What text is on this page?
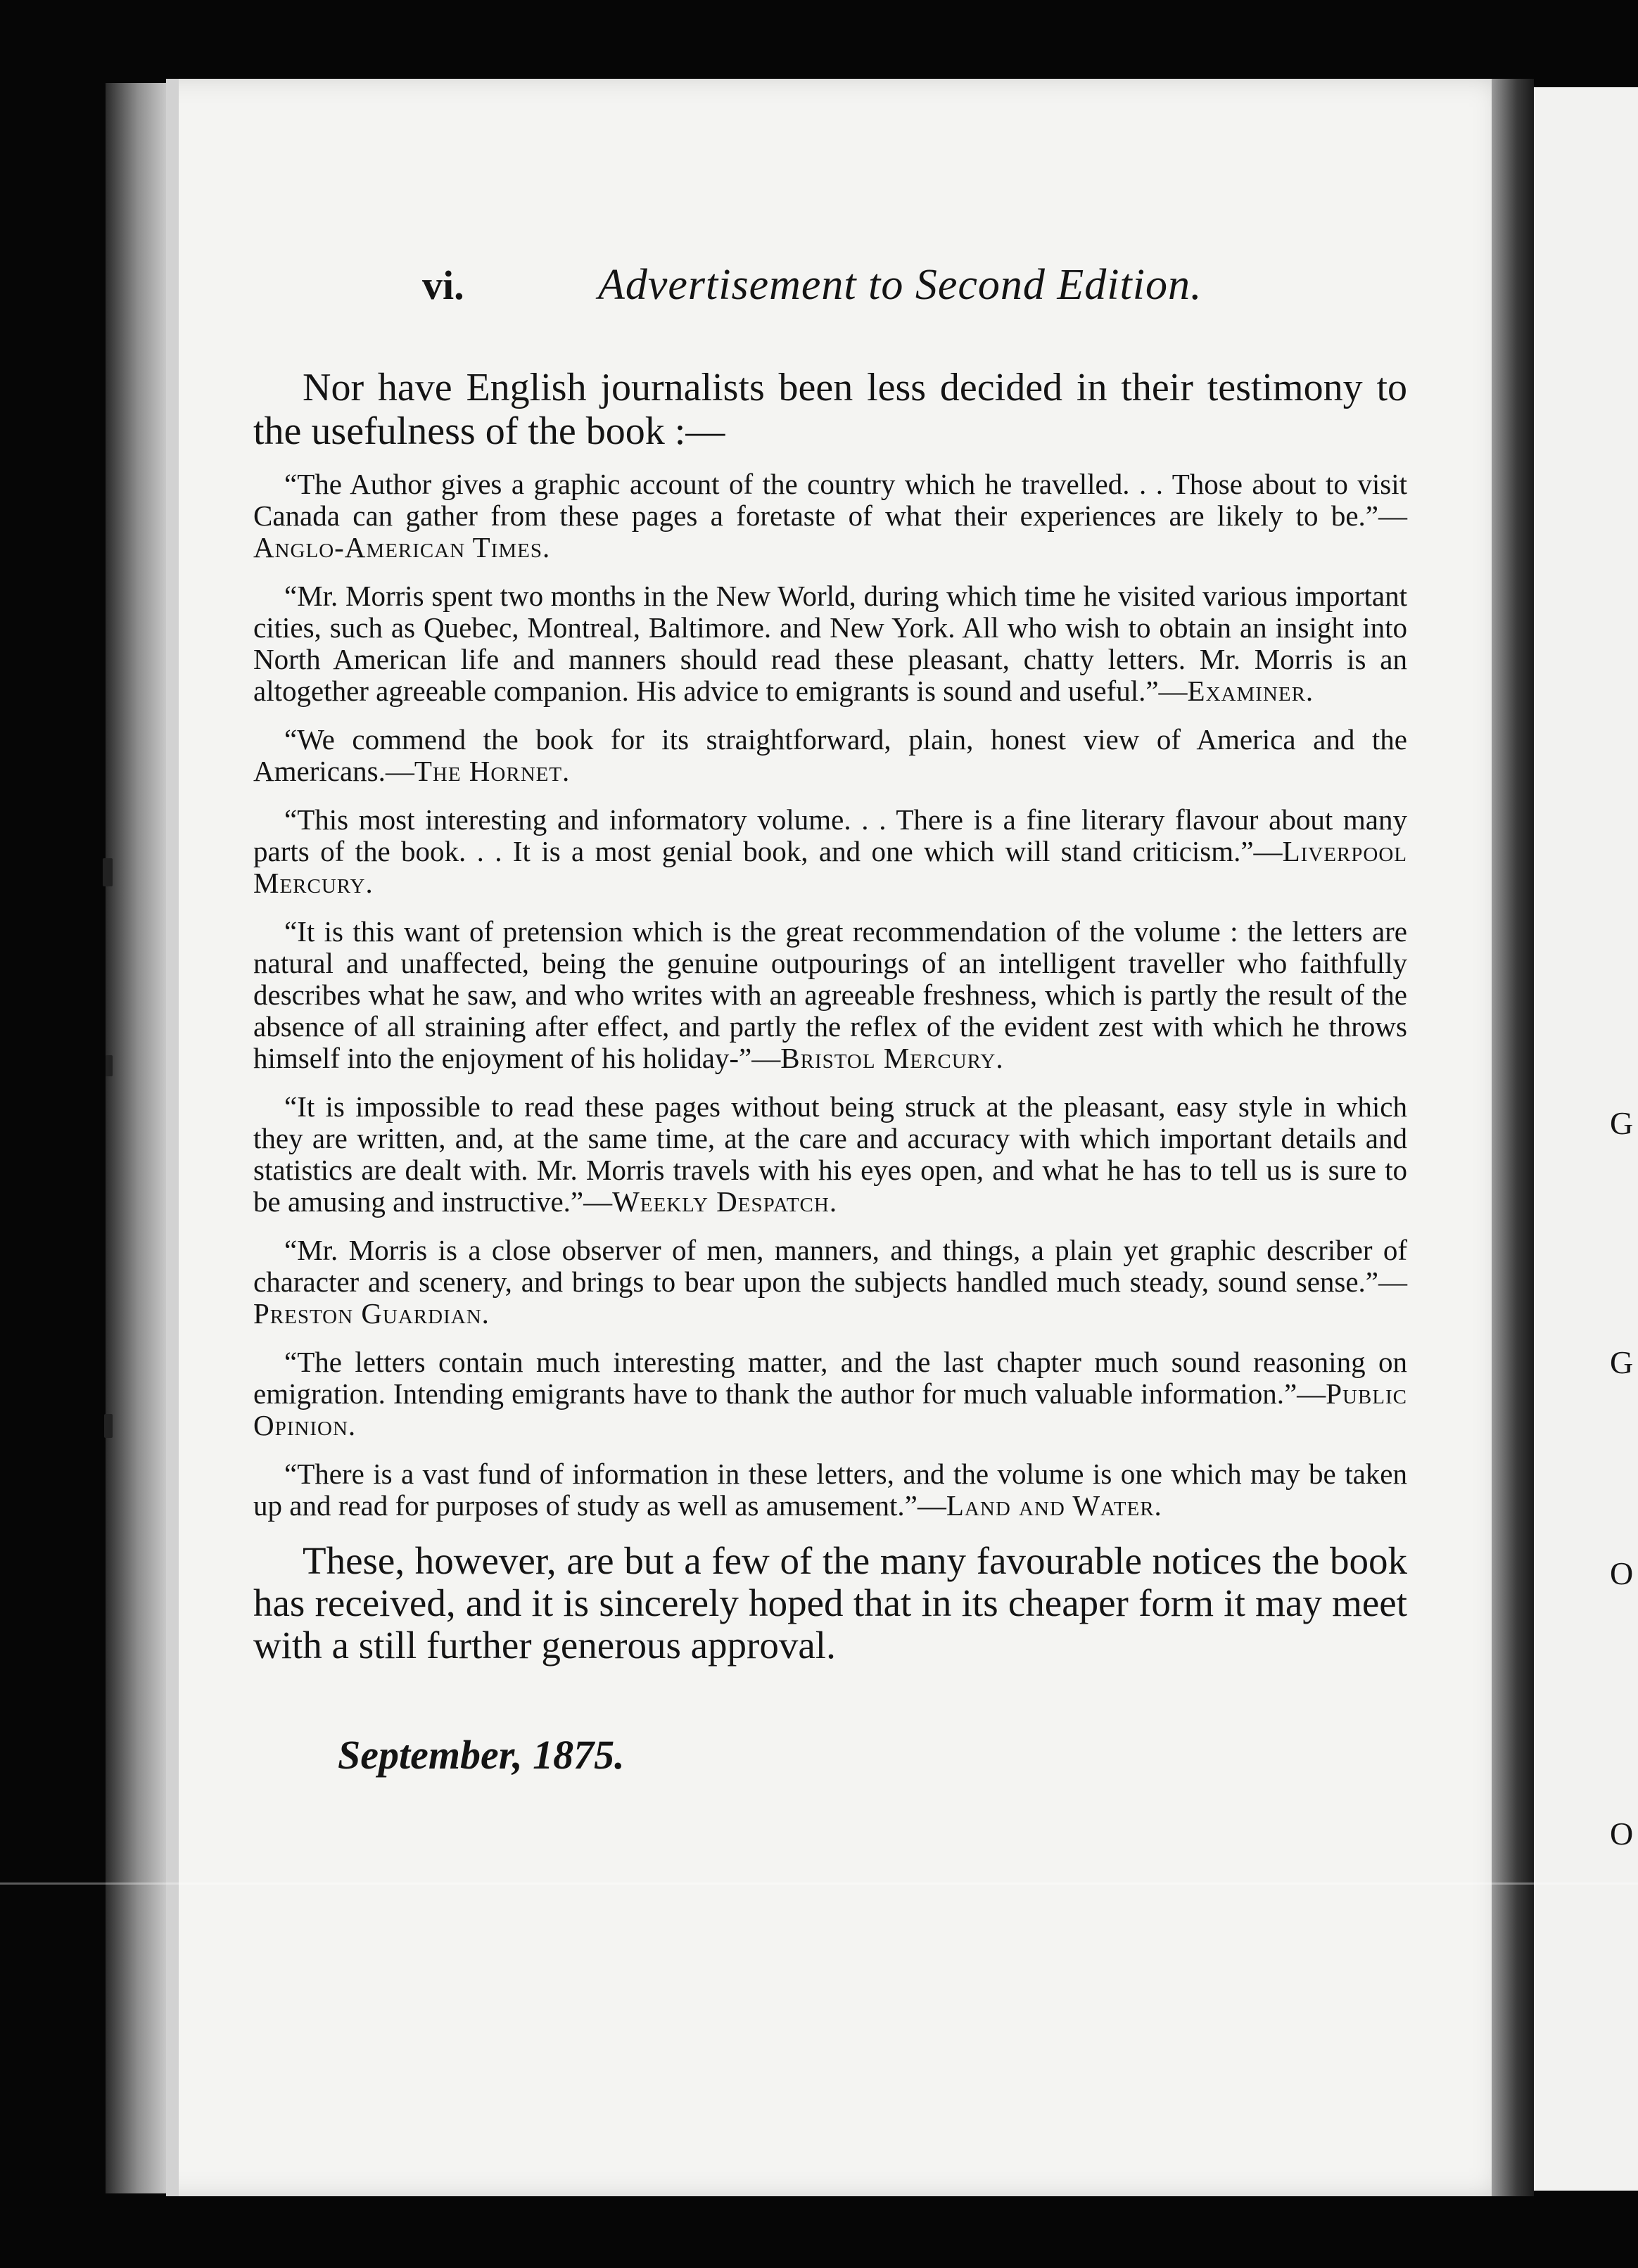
G
G
O
O
vi.	Advertisement to Second Edition.

Nor have English journalists been less decided in their testimony to the usefulness of the book :—

“The Author gives a graphic account of the country which he travelled. . . Those about to visit Canada can gather from these pages a foretaste of what their experiences are likely to be.”—Anglo-American Times.

“Mr. Morris spent two months in the New World, during which time he visited various important cities, such as Quebec, Montreal, Baltimore. and New York. All who wish to obtain an insight into North American life and manners should read these pleasant, chatty letters. Mr. Morris is an altogether agreeable companion. His advice to emigrants is sound and useful.”—Examiner.

“We commend the book for its straightforward, plain, honest view of America and the Americans.—The Hornet.

“This most interesting and informatory volume. . . There is a fine literary flavour about many parts of the book. . . It is a most genial book, and one which will stand criticism.”—Liverpool Mercury.

“It is this want of pretension which is the great recommendation of the volume : the letters are natural and unaffected, being the genuine outpourings of an intelligent traveller who faithfully describes what he saw, and who writes with an agreeable freshness, which is partly the result of the absence of all straining after effect, and partly the reflex of the evident zest with which he throws himself into the enjoyment of his holiday-”—Bristol Mercury.

“It is impossible to read these pages without being struck at the pleasant, easy style in which they are written, and, at the same time, at the care and accuracy with which important details and statistics are dealt with. Mr. Morris travels with his eyes open, and what he has to tell us is sure to be amusing and instructive.”—Weekly Despatch.

“Mr. Morris is a close observer of men, manners, and things, a plain yet graphic describer of character and scenery, and brings to bear upon the subjects handled much steady, sound sense.”—Preston Guardian.

“The letters contain much interesting matter, and the last chapter much sound reasoning on emigration. Intending emigrants have to thank the author for much valuable information.”—Public Opinion.

“There is a vast fund of information in these letters, and the volume is one which may be taken up and read for purposes of study as well as amusement.”—Land and Water.

These, however, are but a few of the many favourable notices the book has received, and it is sincerely hoped that in its cheaper form it may meet with a still further generous approval.

September, 1875.
